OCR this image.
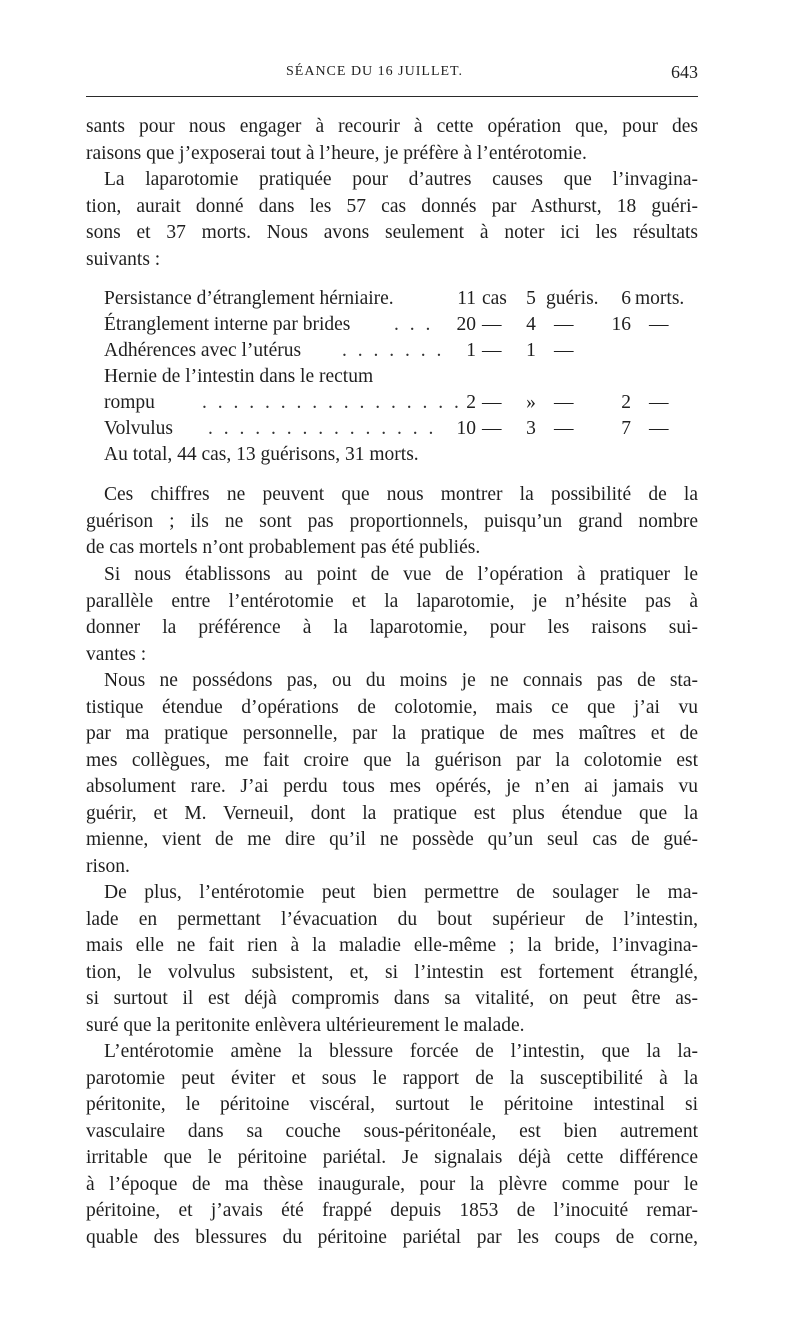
SÉANCE DU 16 JUILLET.	643
sants pour nous engager à recourir à cette opération que, pour des
raisons que j’exposerai tout à l’heure, je préfère à l’entérotomie.
La laparotomie pratiquée pour d’autres causes que l’invagina-
tion, aurait donné dans les 57 cas donnés par Asthurst, 18 guéri-
sons et 37 morts. Nous avons seulement à noter ici les résultats
suivants :
Persistance d’étranglement hérniaire.	11 cas 5 guéris.	6 morts.
Étranglement interne par brides . . .	20 — 4 — 16 —
Adhérences avec l’utérus . . . . . . .	1 — 1 —
Hernie de l’intestin dans le rectum
rompu . . . . . . . . . . . . . . . . . 2 — » —	2 —
Volvulus . . . . . . . . . . . . . . .	10 — 3 —	7 —
Au total, 44 cas, 13 guérisons, 31 morts.
Ces chiffres ne peuvent que nous montrer la possibilité de la
guérison ; ils ne sont pas proportionnels, puisqu’un grand nombre
de cas mortels n’ont probablement pas été publiés.
Si nous établissons au point de vue de l’opération à pratiquer le
parallèle entre l’entérotomie et la laparotomie, je n’hésite pas à
donner la préférence à la laparotomie, pour les raisons sui-
vantes :
Nous ne possédons pas, ou du moins je ne connais pas de sta-
tistique étendue d’opérations de colotomie, mais ce que j’ai vu
par ma pratique personnelle, par la pratique de mes maîtres et de
mes collègues, me fait croire que la guérison par la colotomie est
absolument rare. J’ai perdu tous mes opérés, je n’en ai jamais vu
guérir, et M. Verneuil, dont la pratique est plus étendue que la
mienne, vient de me dire qu’il ne possède qu’un seul cas de gué-
rison.
De plus, l’entérotomie peut bien permettre de soulager le ma-
lade en permettant l’évacuation du bout supérieur de l’intestin,
mais elle ne fait rien à la maladie elle-même ; la bride, l’invagina-
tion, le volvulus subsistent, et, si l’intestin est fortement étranglé,
si surtout il est déjà compromis dans sa vitalité, on peut être as-
suré que la peritonite enlèvera ultérieurement le malade.
L’entérotomie amène la blessure forcée de l’intestin, que la la-
parotomie peut éviter et sous le rapport de la susceptibilité à la
péritonite, le péritoine viscéral, surtout le péritoine intestinal si
vasculaire dans sa couche sous-péritonéale, est bien autrement
irritable que le péritoine pariétal. Je signalais déjà cette différence
à l’époque de ma thèse inaugurale, pour la plèvre comme pour le
péritoine, et j’avais été frappé depuis 1853 de l’inocuité remar-
quable des blessures du péritoine pariétal par les coups de corne,
